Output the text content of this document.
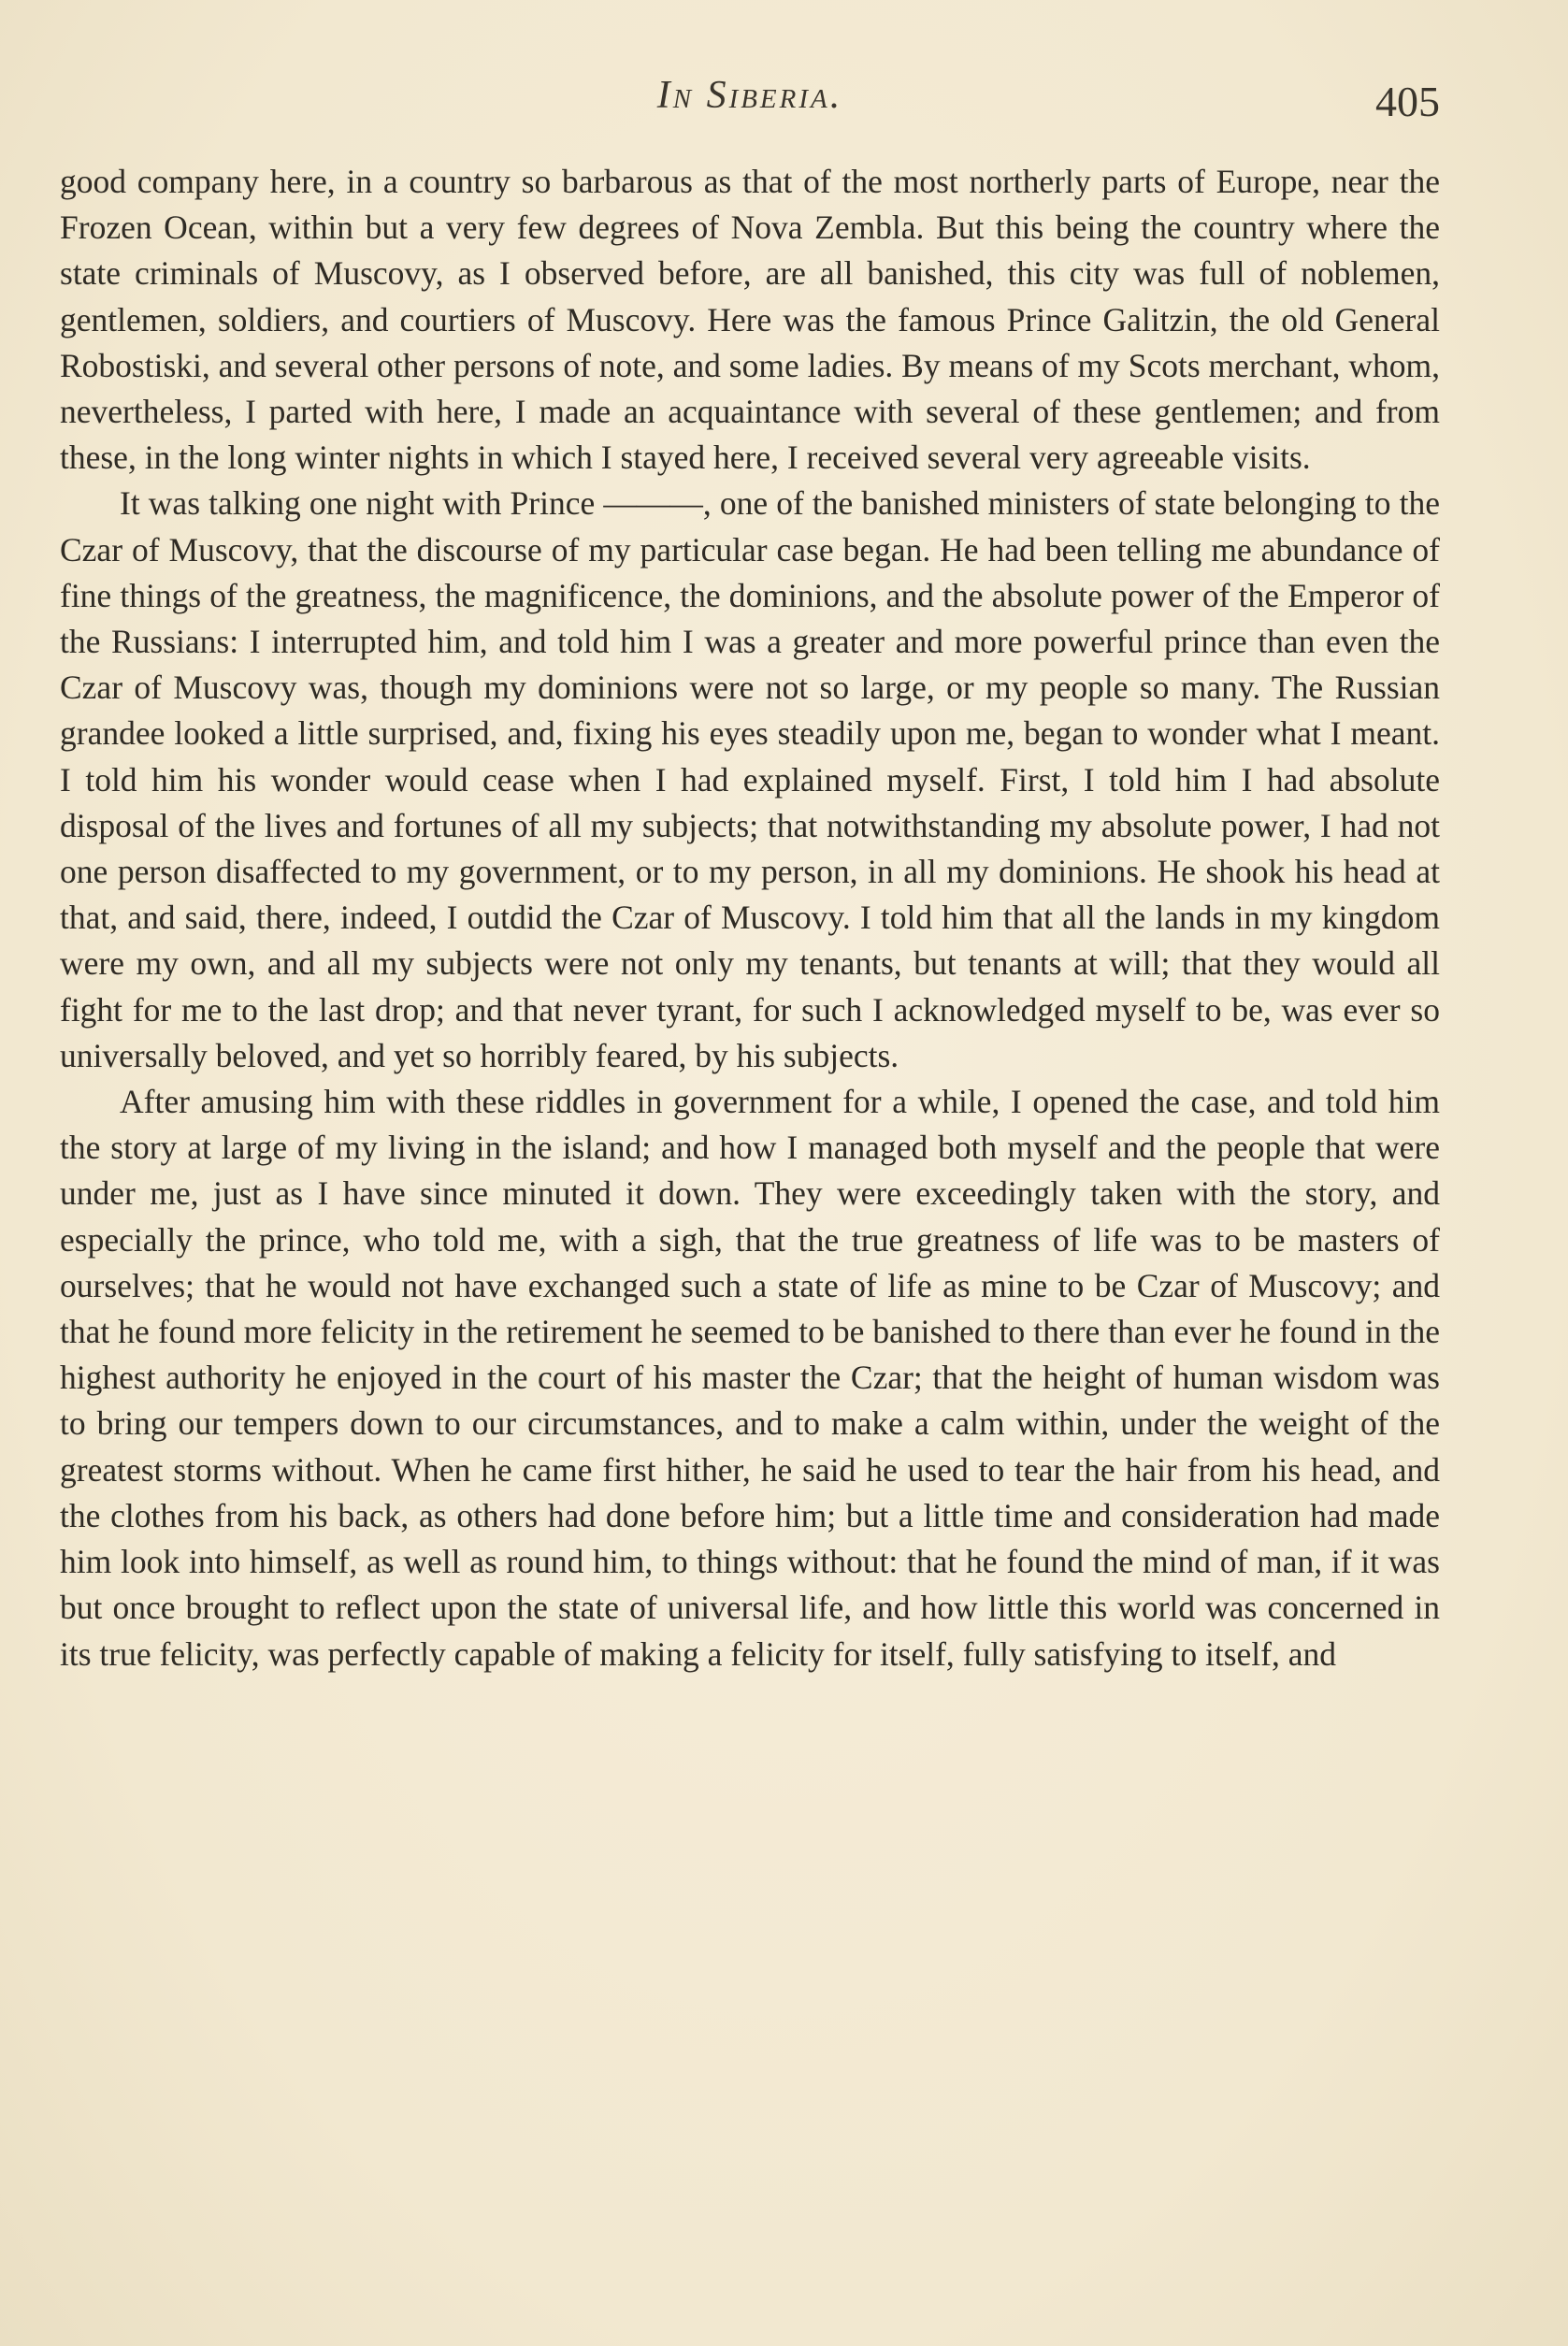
In Siberia.	405

good company here, in a country so barbarous as that of the most northerly parts of Europe, near the Frozen Ocean, within but a very few degrees of Nova Zembla. But this being the country where the state criminals of Muscovy, as I observed before, are all banished, this city was full of noblemen, gentlemen, soldiers, and courtiers of Muscovy. Here was the famous Prince Galitzin, the old General Robostiski, and several other persons of note, and some ladies. By means of my Scots merchant, whom, nevertheless, I parted with here, I made an acquaintance with several of these gentlemen; and from these, in the long winter nights in which I stayed here, I received several very agreeable visits.

It was talking one night with Prince ———, one of the banished ministers of state belonging to the Czar of Muscovy, that the discourse of my particular case began. He had been telling me abundance of fine things of the greatness, the magnificence, the dominions, and the absolute power of the Emperor of the Russians: I interrupted him, and told him I was a greater and more powerful prince than even the Czar of Muscovy was, though my dominions were not so large, or my people so many. The Russian grandee looked a little surprised, and, fixing his eyes steadily upon me, began to wonder what I meant. I told him his wonder would cease when I had explained myself. First, I told him I had absolute disposal of the lives and fortunes of all my subjects; that notwithstanding my absolute power, I had not one person disaffected to my government, or to my person, in all my dominions. He shook his head at that, and said, there, indeed, I outdid the Czar of Muscovy. I told him that all the lands in my kingdom were my own, and all my subjects were not only my tenants, but tenants at will; that they would all fight for me to the last drop; and that never tyrant, for such I acknowledged myself to be, was ever so universally beloved, and yet so horribly feared, by his subjects.

After amusing him with these riddles in government for a while, I opened the case, and told him the story at large of my living in the island; and how I managed both myself and the people that were under me, just as I have since minuted it down. They were exceedingly taken with the story, and especially the prince, who told me, with a sigh, that the true greatness of life was to be masters of ourselves; that he would not have exchanged such a state of life as mine to be Czar of Muscovy; and that he found more felicity in the retirement he seemed to be banished to there than ever he found in the highest authority he enjoyed in the court of his master the Czar; that the height of human wisdom was to bring our tempers down to our circumstances, and to make a calm within, under the weight of the greatest storms without. When he came first hither, he said he used to tear the hair from his head, and the clothes from his back, as others had done before him; but a little time and consideration had made him look into himself, as well as round him, to things without: that he found the mind of man, if it was but once brought to reflect upon the state of universal life, and how little this world was concerned in its true felicity, was perfectly capable of making a felicity for itself, fully satisfying to itself, and
